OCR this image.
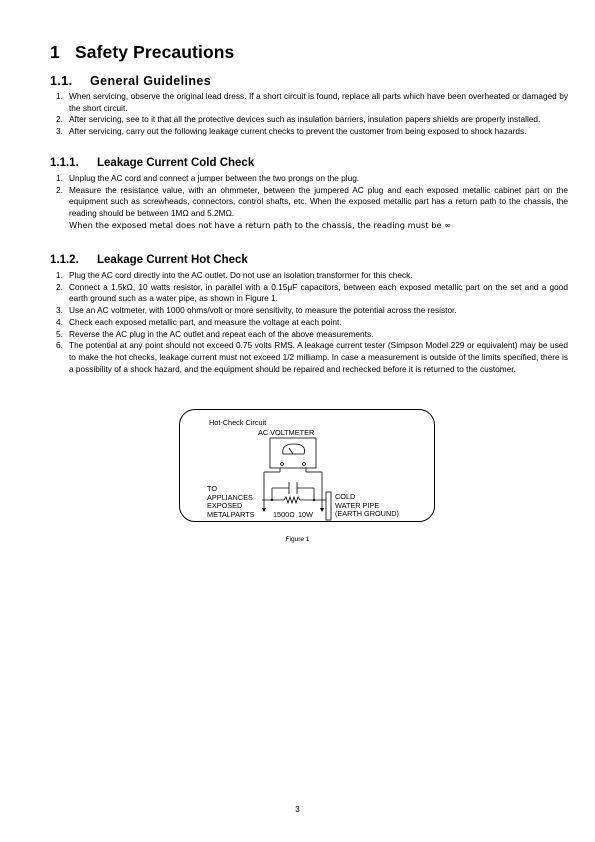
1 Safety Precautions
1.1. General Guidelines
1. When servicing, observe the original lead dress. If a short circuit is found, replace all parts which have been overheated or damaged by the short circuit.
2. After servicing, see to it that all the protective devices such as insulation barriers, insulation papers shields are properly installed.
3. After servicing, carry out the following leakage current checks to prevent the customer from being exposed to shock hazards.
1.1.1. Leakage Current Cold Check
1. Unplug the AC cord and connect a jumper between the two prongs on the plug.
2. Measure the resistance value, with an ohmmeter, between the jumpered AC plug and each exposed metallic cabinet part on the equipment such as screwheads, connectors, control shafts, etc. When the exposed metallic part has a return path to the chassis, the reading should be between 1MΩ and 5.2MΩ.
When the exposed metal does not have a return path to the chassis, the reading must be ∞
1.1.2. Leakage Current Hot Check
1. Plug the AC cord directly into the AC outlet. Do not use an isolation transformer for this check.
2. Connect a 1.5kΩ, 10 watts resistor, in parallel with a 0.15μF capacitors, between each exposed metallic part on the set and a good earth ground such as a water pipe, as shown in Figure 1.
3. Use an AC voltmeter, with 1000 ohms/volt or more sensitivity, to measure the potential across the resistor.
4. Check each exposed metallic part, and measure the voltage at each point.
5. Reverse the AC plug in the AC outlet and repeat each of the above measurements.
6. The potential at any point should not exceed 0.75 volts RMS. A leakage current tester (Simpson Model 229 or equivalent) may be used to make the hot checks, leakage current must not exceed 1/2 milliamp. In case a measurement is outside of the limits specified, there is a possibility of a shock hazard, and the equipment should be repaired and rechecked before it is returned to the customer.
Hot-Check Circuit
AC VOLTMETER
TO
APPLIANCES
EXPOSED
METALPARTS	1500Ω 10W
COLD
WATER PIPE
(EARTH GROUND)
Figure 1
3
